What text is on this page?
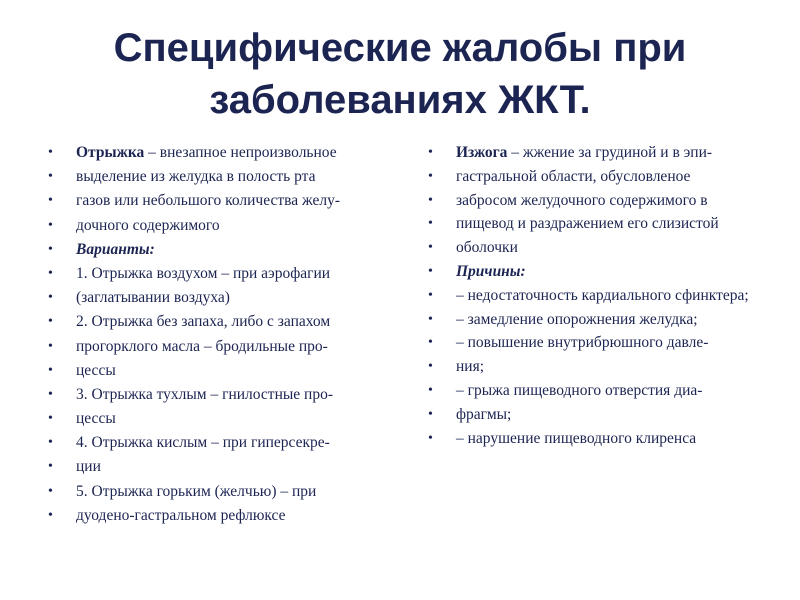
Специфические жалобы при
заболеваниях ЖКТ.
• Отрыжка – внезапное непроизвольное
• выделение из желудка в полость рта
• газов или небольшого количества желу-
• дочного содержимого
• Варианты:
• 1. Отрыжка воздухом – при аэрофагии
• (заглатывании воздуха)
• 2. Отрыжка без запаха, либо с запахом
• прогорклого масла – бродильные про-
• цессы
• 3. Отрыжка тухлым – гнилостные про-
• цессы
• 4. Отрыжка кислым – при гиперсекре-
• ции
• 5. Отрыжка горьким (желчью) – при
• дуодено-гастральном рефлюксе
• Изжога – жжение за грудиной и в эпи-
• гастральной области, обусловленое
• забросом желудочного содержимого в
• пищевод и раздражением его слизистой
• оболочки
• Причины:
• – недостаточность кардиального сфинктера;
• – замедление опорожнения желудка;
• – повышение внутрибрюшного давле-
• ния;
• – грыжа пищеводного отверстия диа-
• фрагмы;
• – нарушение пищеводного клиренса
